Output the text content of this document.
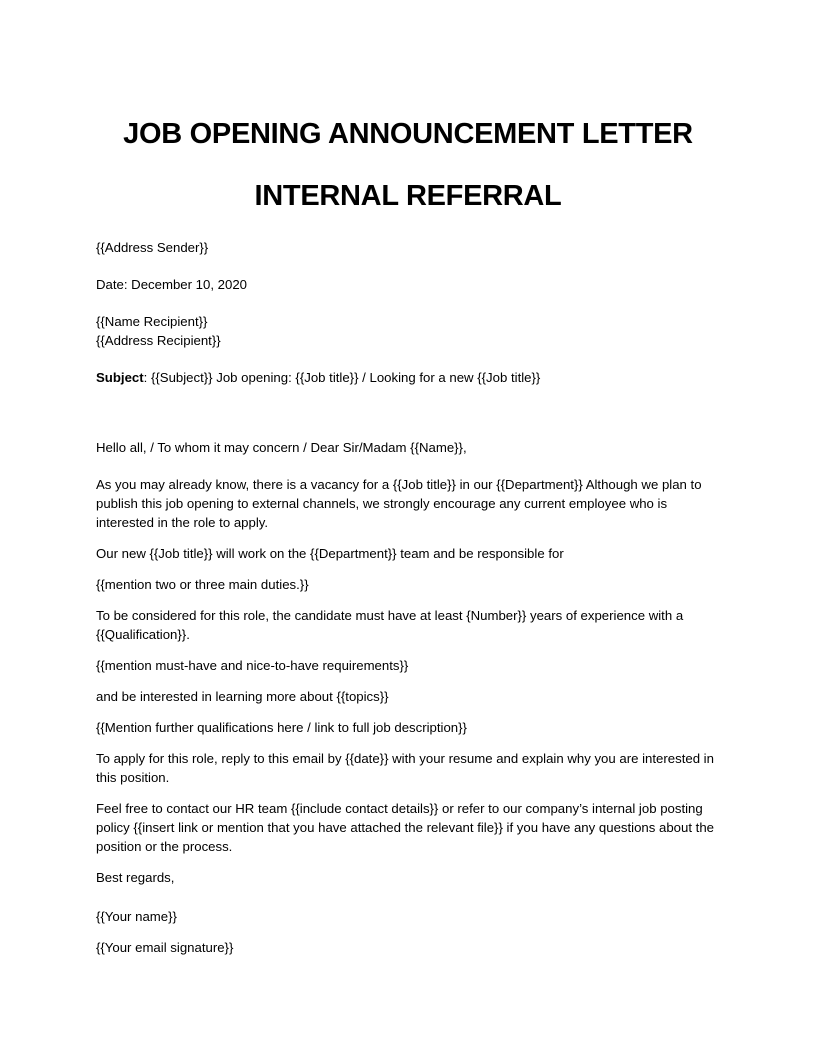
JOB OPENING ANNOUNCEMENT LETTER
INTERNAL REFERRAL

{{Address Sender}}

Date: December 10, 2020

{{Name Recipient}}

{{Address Recipient}}

Subject: {{Subject}} Job opening: {{Job title}} / Looking for a new {{Job title}}

Hello all, / To whom it may concern / Dear Sir/Madam {{Name}},

As you may already know, there is a vacancy for a {{Job title}} in our {{Department}} Although we plan to publish this job opening to external channels, we strongly encourage any current employee who is interested in the role to apply.

Our new {{Job title}} will work on the {{Department}} team and be responsible for

{{mention two or three main duties.}}

To be considered for this role, the candidate must have at least {Number}} years of experience with a {{Qualification}}.

{{mention must-have and nice-to-have requirements}}

and be interested in learning more about {{topics}}

{{Mention further qualifications here / link to full job description}}

To apply for this role, reply to this email by {{date}} with your resume and explain why you are interested in this position.

Feel free to contact our HR team {{include contact details}} or refer to our company’s internal job posting policy {{insert link or mention that you have attached the relevant file}} if you have any questions about the position or the process.

Best regards,

{{Your name}}

{{Your email signature}}
